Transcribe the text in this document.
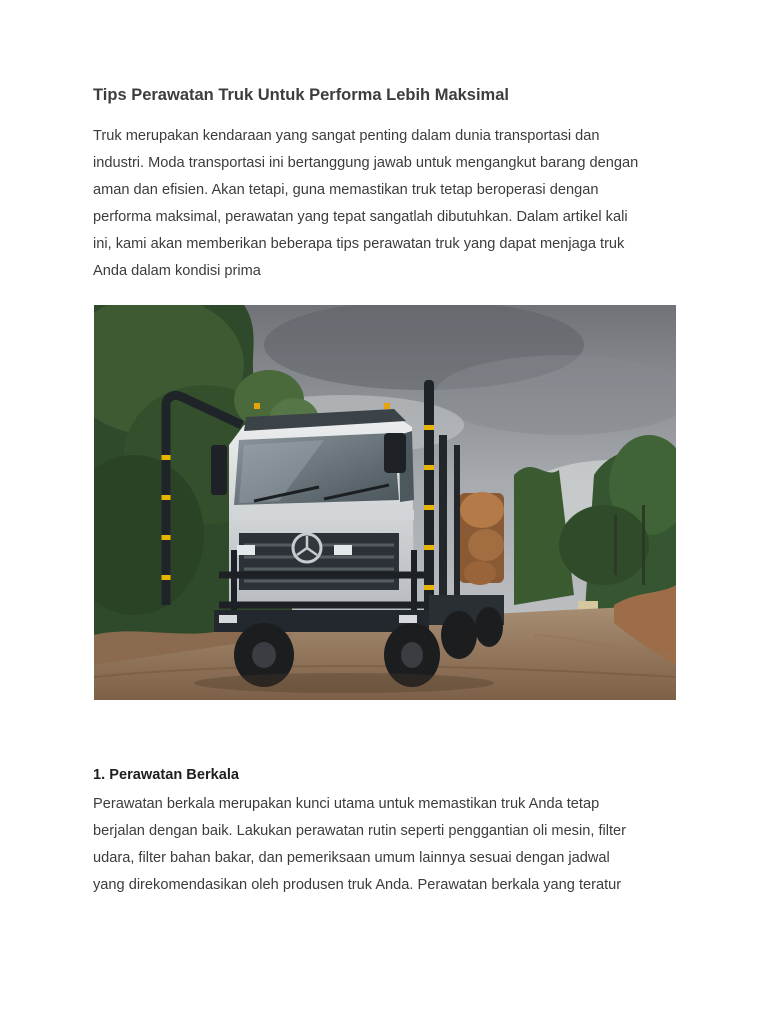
Tips Perawatan Truk Untuk Performa Lebih Maksimal

Truk merupakan kendaraan yang sangat penting dalam dunia transportasi dan
industri. Moda transportasi ini bertanggung jawab untuk mengangkut barang dengan
aman dan efisien. Akan tetapi, guna memastikan truk tetap beroperasi dengan
performa maksimal, perawatan yang tepat sangatlah dibutuhkan. Dalam artikel kali
ini, kami akan memberikan beberapa tips perawatan truk yang dapat menjaga truk
Anda dalam kondisi prima

1. Perawatan Berkala

Perawatan berkala merupakan kunci utama untuk memastikan truk Anda tetap
berjalan dengan baik. Lakukan perawatan rutin seperti penggantian oli mesin, filter
udara, filter bahan bakar, dan pemeriksaan umum lainnya sesuai dengan jadwal
yang direkomendasikan oleh produsen truk Anda. Perawatan berkala yang teratur
